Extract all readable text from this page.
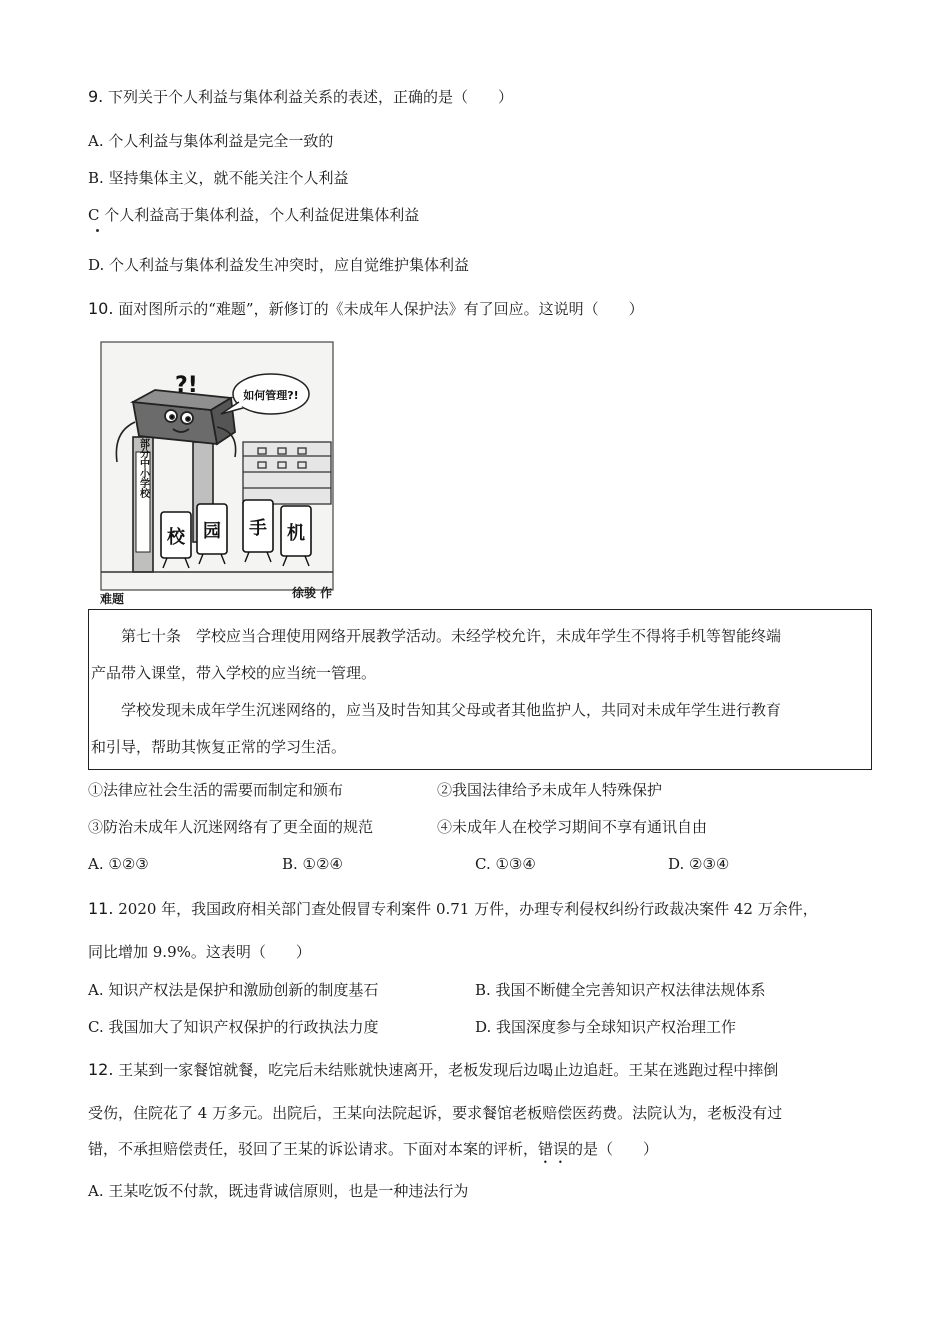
9. 下列关于个人利益与集体利益关系的表述，正确的是（　　）
A. 个人利益与集体利益是完全一致的
B. 坚持集体主义，就不能关注个人利益
C 个人利益高于集体利益，个人利益促进集体利益
D. 个人利益与集体利益发生冲突时，应自觉维护集体利益
10. 面对图所示的“难题”，新修订的《未成年人保护法》有了回应。这说明（　　）
如何管理?!
?!
部分中小学校
校 园 手 机
难题	徐骏 作
第七十条　学校应当合理使用网络开展教学活动。未经学校允许，未成年学生不得将手机等智能终端
产品带入课堂，带入学校的应当统一管理。
学校发现未成年学生沉迷网络的，应当及时告知其父母或者其他监护人，共同对未成年学生进行教育
和引导，帮助其恢复正常的学习生活。
①法律应社会生活的需要而制定和颁布	②我国法律给予未成年人特殊保护
③防治未成年人沉迷网络有了更全面的规范	④未成年人在校学习期间不享有通讯自由
A. ①②③	B. ①②④	C. ①③④	D. ②③④
11. 2020 年，我国政府相关部门查处假冒专利案件 0.71 万件，办理专利侵权纠纷行政裁决案件 42 万余件，
同比增加 9.9%。这表明（　　）
A. 知识产权法是保护和激励创新的制度基石	B. 我国不断健全完善知识产权法律法规体系
C. 我国加大了知识产权保护的行政执法力度	D. 我国深度参与全球知识产权治理工作
12. 王某到一家餐馆就餐，吃完后未结账就快速离开，老板发现后边喝止边追赶。王某在逃跑过程中摔倒
受伤，住院花了 4 万多元。出院后，王某向法院起诉，要求餐馆老板赔偿医药费。法院认为，老板没有过
错，不承担赔偿责任，驳回了王某的诉讼请求。下面对本案的评析，错误的是（　　）
A. 王某吃饭不付款，既违背诚信原则，也是一种违法行为
